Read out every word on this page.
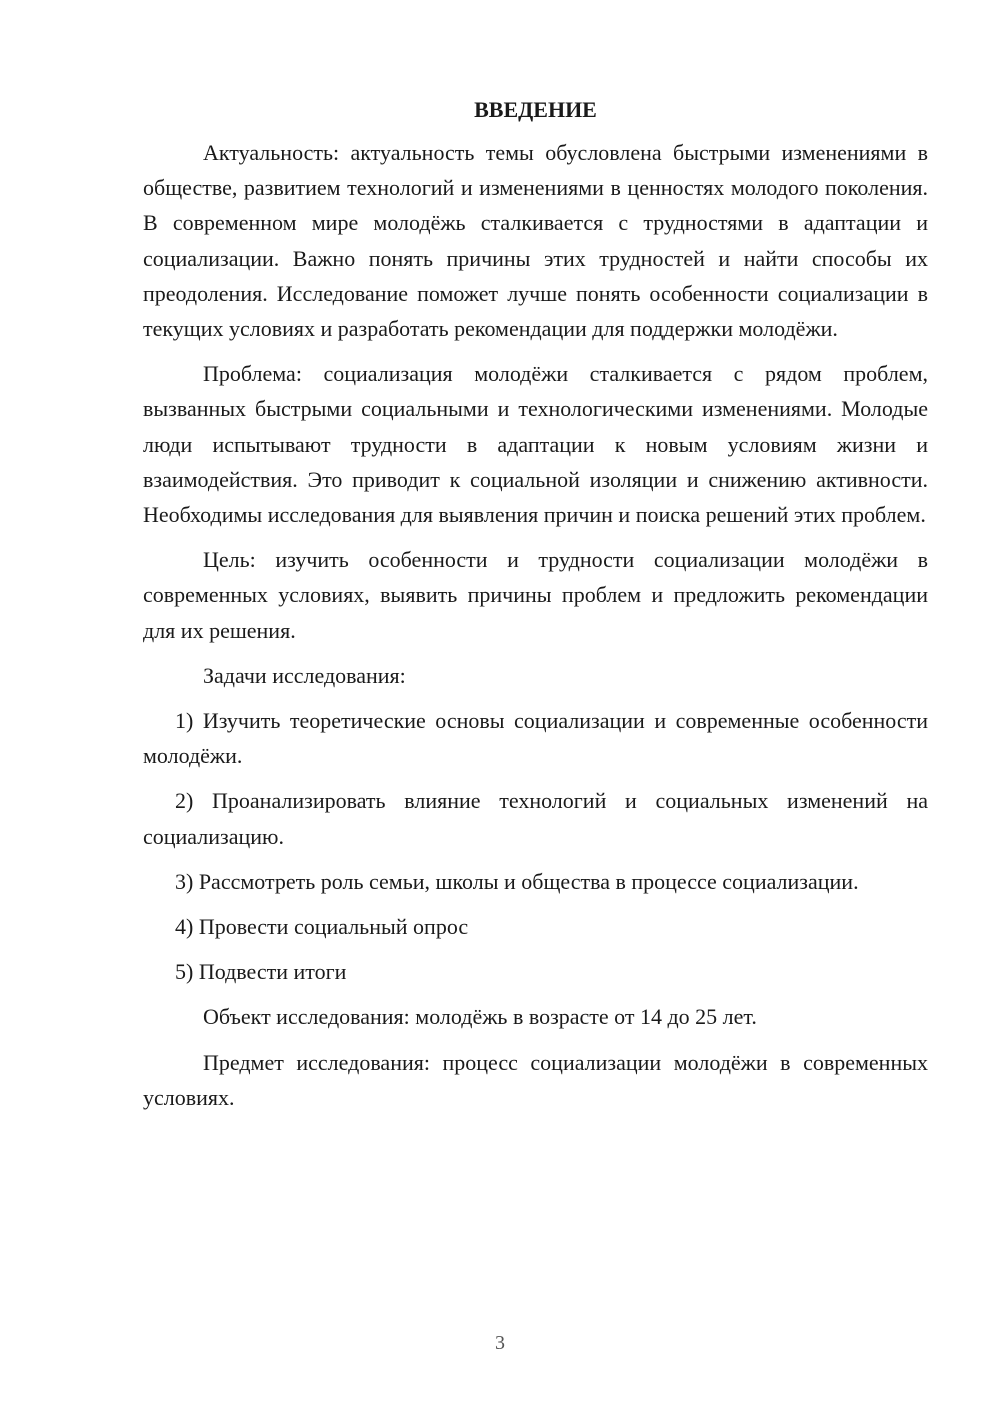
ВВЕДЕНИЕ

Актуальность: актуальность темы обусловлена быстрыми изменениями в обществе, развитием технологий и изменениями в ценностях молодого поколения. В современном мире молодёжь сталкивается с трудностями в адаптации и социализации. Важно понять причины этих трудностей и найти способы их преодоления. Исследование поможет лучше понять особенности социализации в текущих условиях и разработать рекомендации для поддержки молодёжи.

Проблема: социализация молодёжи сталкивается с рядом проблем, вызванных быстрыми социальными и технологическими изменениями. Молодые люди испытывают трудности в адаптации к новым условиям жизни и взаимодействия. Это приводит к социальной изоляции и снижению активности. Необходимы исследования для выявления причин и поиска решений этих проблем.

Цель: изучить особенности и трудности социализации молодёжи в современных условиях, выявить причины проблем и предложить рекомендации для их решения.

Задачи исследования:

1) Изучить теоретические основы социализации и современные особенности молодёжи.

2) Проанализировать влияние технологий и социальных изменений на социализацию.

3) Рассмотреть роль семьи, школы и общества в процессе социализации.

4) Провести социальный опрос

5) Подвести итоги

Объект исследования: молодёжь в возрасте от 14 до 25 лет.

Предмет исследования: процесс социализации молодёжи в современных условиях.

3
